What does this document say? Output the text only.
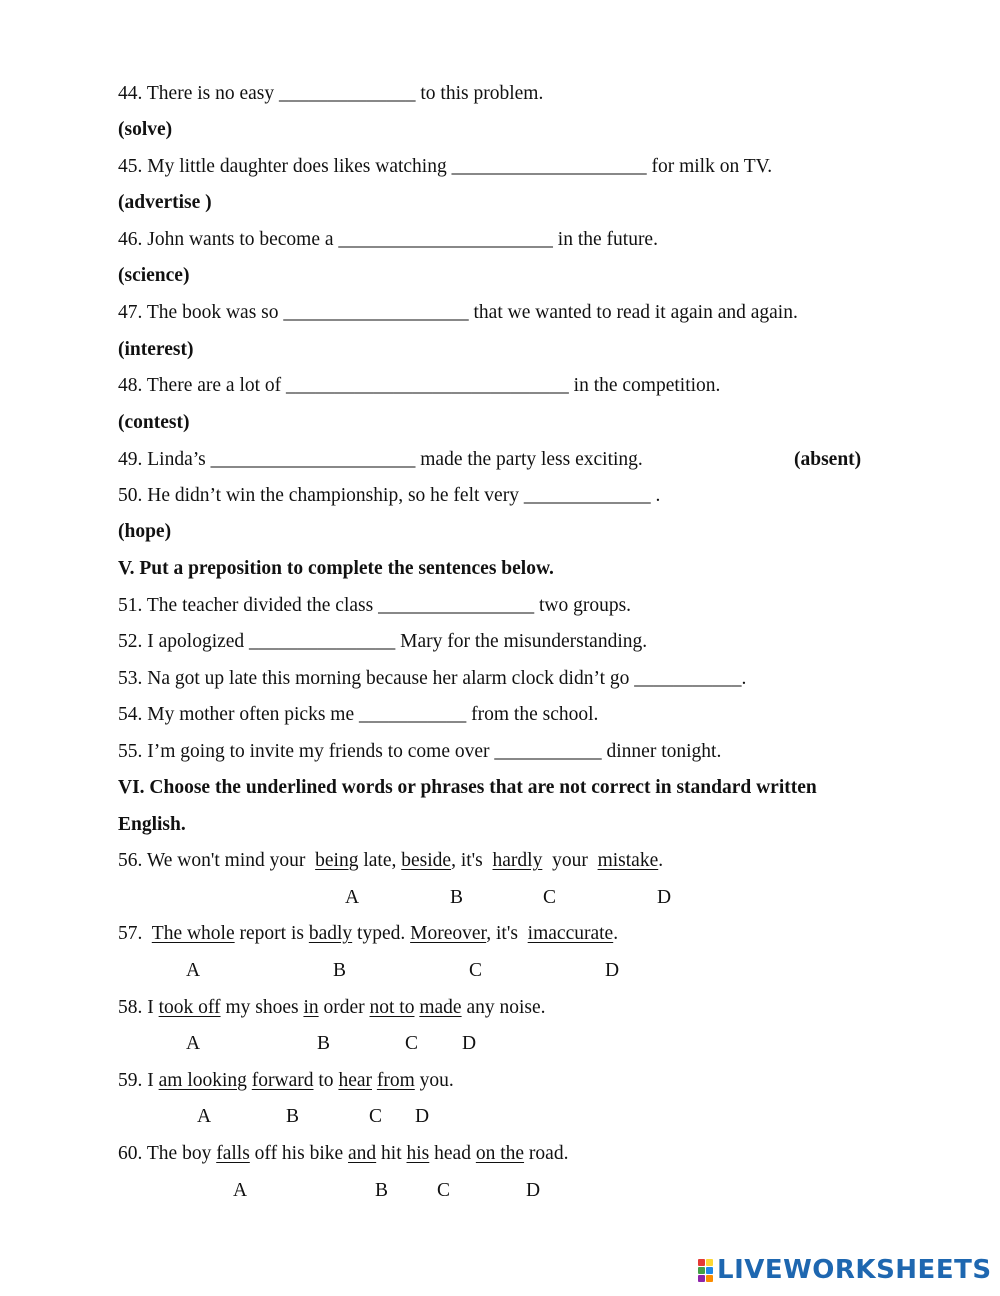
44. There is no easy ______________ to this problem.
(solve)
45. My little daughter does likes watching ____________________ for milk on TV.
(advertise )
46. John wants to become a ______________________ in the future.
(science)
47. The book was so ___________________ that we wanted to read it again and again.
(interest)
48. There are a lot of _____________________________ in the competition.
(contest)
49. Linda’s _____________________ made the party less exciting.	(absent)
50. He didn’t win the championship, so he felt very _____________ .
(hope)
V. Put a preposition to complete the sentences below.
51. The teacher divided the class ________________ two groups.
52. I apologized _______________ Mary for the misunderstanding.
53. Na got up late this morning because her alarm clock didn’t go ___________.
54. My mother often picks me ___________ from the school.
55. I’m going to invite my friends to come over ___________ dinner tonight.
VI. Choose the underlined words or phrases that are not correct in standard written
English.
56. We won't mind your  being late, beside, it's  hardly  your  mistake.

A

	B

	C

	D

57.  The whole report is badly typed. Moreover, it's  imaccurate.

A

	B

	C

	D

58. I took off my shoes in order not to made any noise.

A

	B

	C

D

59. I am looking forward to hear from you.

A

	B

	C

D

60. The boy falls off his bike and hit his head on the road.

A

	B

	C

	D

LIVEWORKSHEETS
